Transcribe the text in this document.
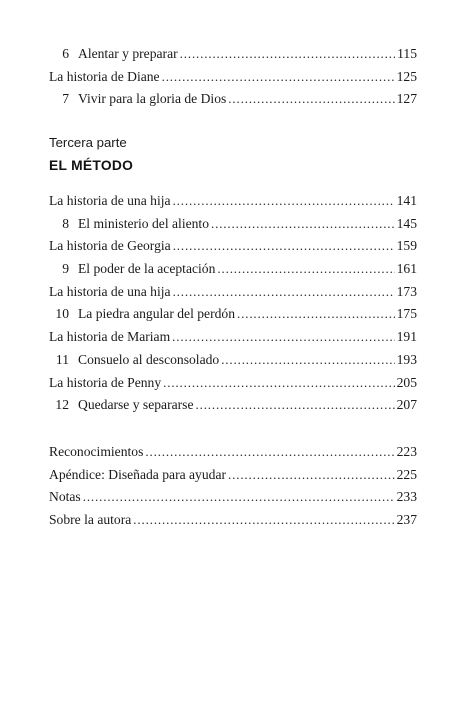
6 Alentar y preparar . . .	115
La historia de Diane . . .	125
7 Vivir para la gloria de Dios . . .	127
Tercera parte
EL MÉTODO
La historia de una hija . . .	141
8 El ministerio del aliento . . .	145
La historia de Georgia . . .	159
9 El poder de la aceptación . . .	161
La historia de una hija . . .	173
10 La piedra angular del perdón . . .	175
La historia de Mariam . . .	191
11 Consuelo al desconsolado . . .	193
La historia de Penny . . .	205
12 Quedarse y separarse . . .	207
Reconocimientos . . .	223
Apéndice: Diseñada para ayudar . . .	225
Notas . . .	233
Sobre la autora . . .	237
